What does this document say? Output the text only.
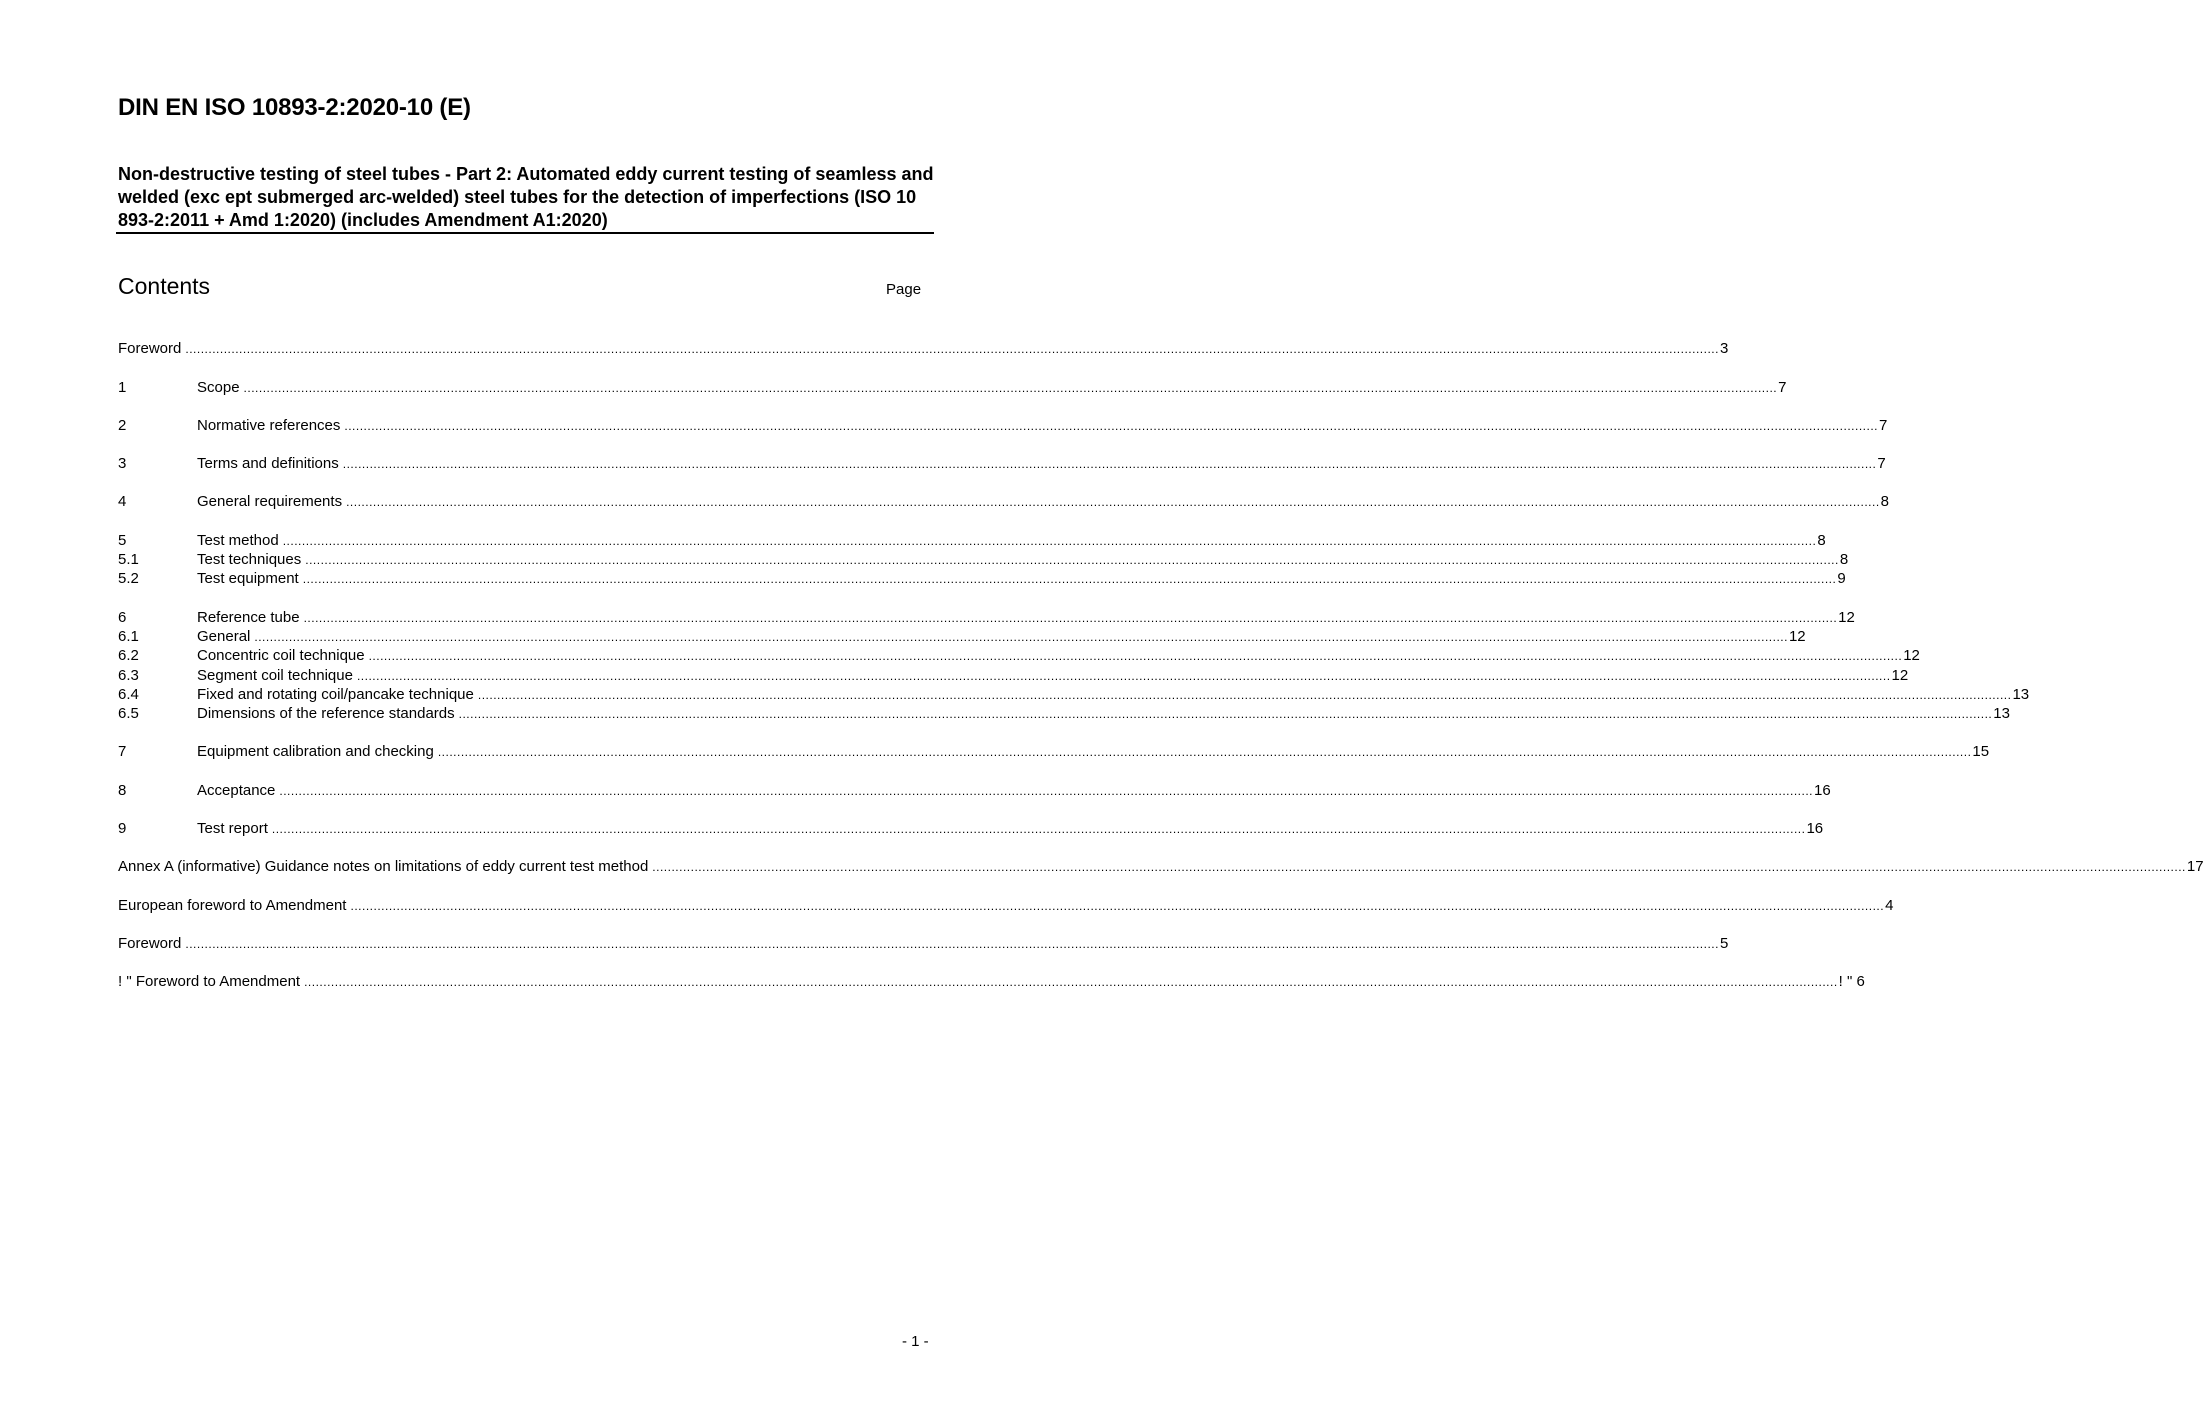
DIN EN ISO 10893-2:2020-10 (E)
Non-destructive testing of steel tubes - Part 2: Automated eddy current testing of seamless and welded (exc ept submerged arc-welded) steel tubes for the detection of imperfections (ISO 10 893-2:2011 + Amd 1:2020) (includes Amendment A1:2020)
Contents	Page
Foreword ................................................................................................................................................................................................................................................................................................................................................................................................................ 3
1	Scope ................................................................................................................................................................................................................................................................................................................................................................................................................ 7
2	Normative references ................................................................................................................................................................................................................................................................................................................................................................................................................ 7
3	Terms and definitions ................................................................................................................................................................................................................................................................................................................................................................................................................ 7
4	General requirements ................................................................................................................................................................................................................................................................................................................................................................................................................ 8
5	Test method ................................................................................................................................................................................................................................................................................................................................................................................................................ 8
5.1	Test techniques ................................................................................................................................................................................................................................................................................................................................................................................................................ 8
5.2	Test equipment ................................................................................................................................................................................................................................................................................................................................................................................................................ 9
6	Reference tube ................................................................................................................................................................................................................................................................................................................................................................................................................ 12
6.1	General ................................................................................................................................................................................................................................................................................................................................................................................................................ 12
6.2	Concentric coil technique ................................................................................................................................................................................................................................................................................................................................................................................................................ 12
6.3	Segment coil technique ................................................................................................................................................................................................................................................................................................................................................................................................................ 12
6.4	Fixed and rotating coil/pancake technique ................................................................................................................................................................................................................................................................................................................................................................................................................ 13
6.5	Dimensions of the reference standards ................................................................................................................................................................................................................................................................................................................................................................................................................ 13
7	Equipment calibration and checking ................................................................................................................................................................................................................................................................................................................................................................................................................ 15
8	Acceptance ................................................................................................................................................................................................................................................................................................................................................................................................................ 16
9	Test report ................................................................................................................................................................................................................................................................................................................................................................................................................ 16
Annex A (informative) Guidance notes on limitations of eddy current test method ................................................................................................................................................................................................................................................................................................................................................................................................................ 17
European foreword to Amendment ................................................................................................................................................................................................................................................................................................................................................................................................................ 4
Foreword ................................................................................................................................................................................................................................................................................................................................................................................................................ 5
! " Foreword to Amendment ................................................................................................................................................................................................................................................................................................................................................................................................................ ! " 6
- 1 -
